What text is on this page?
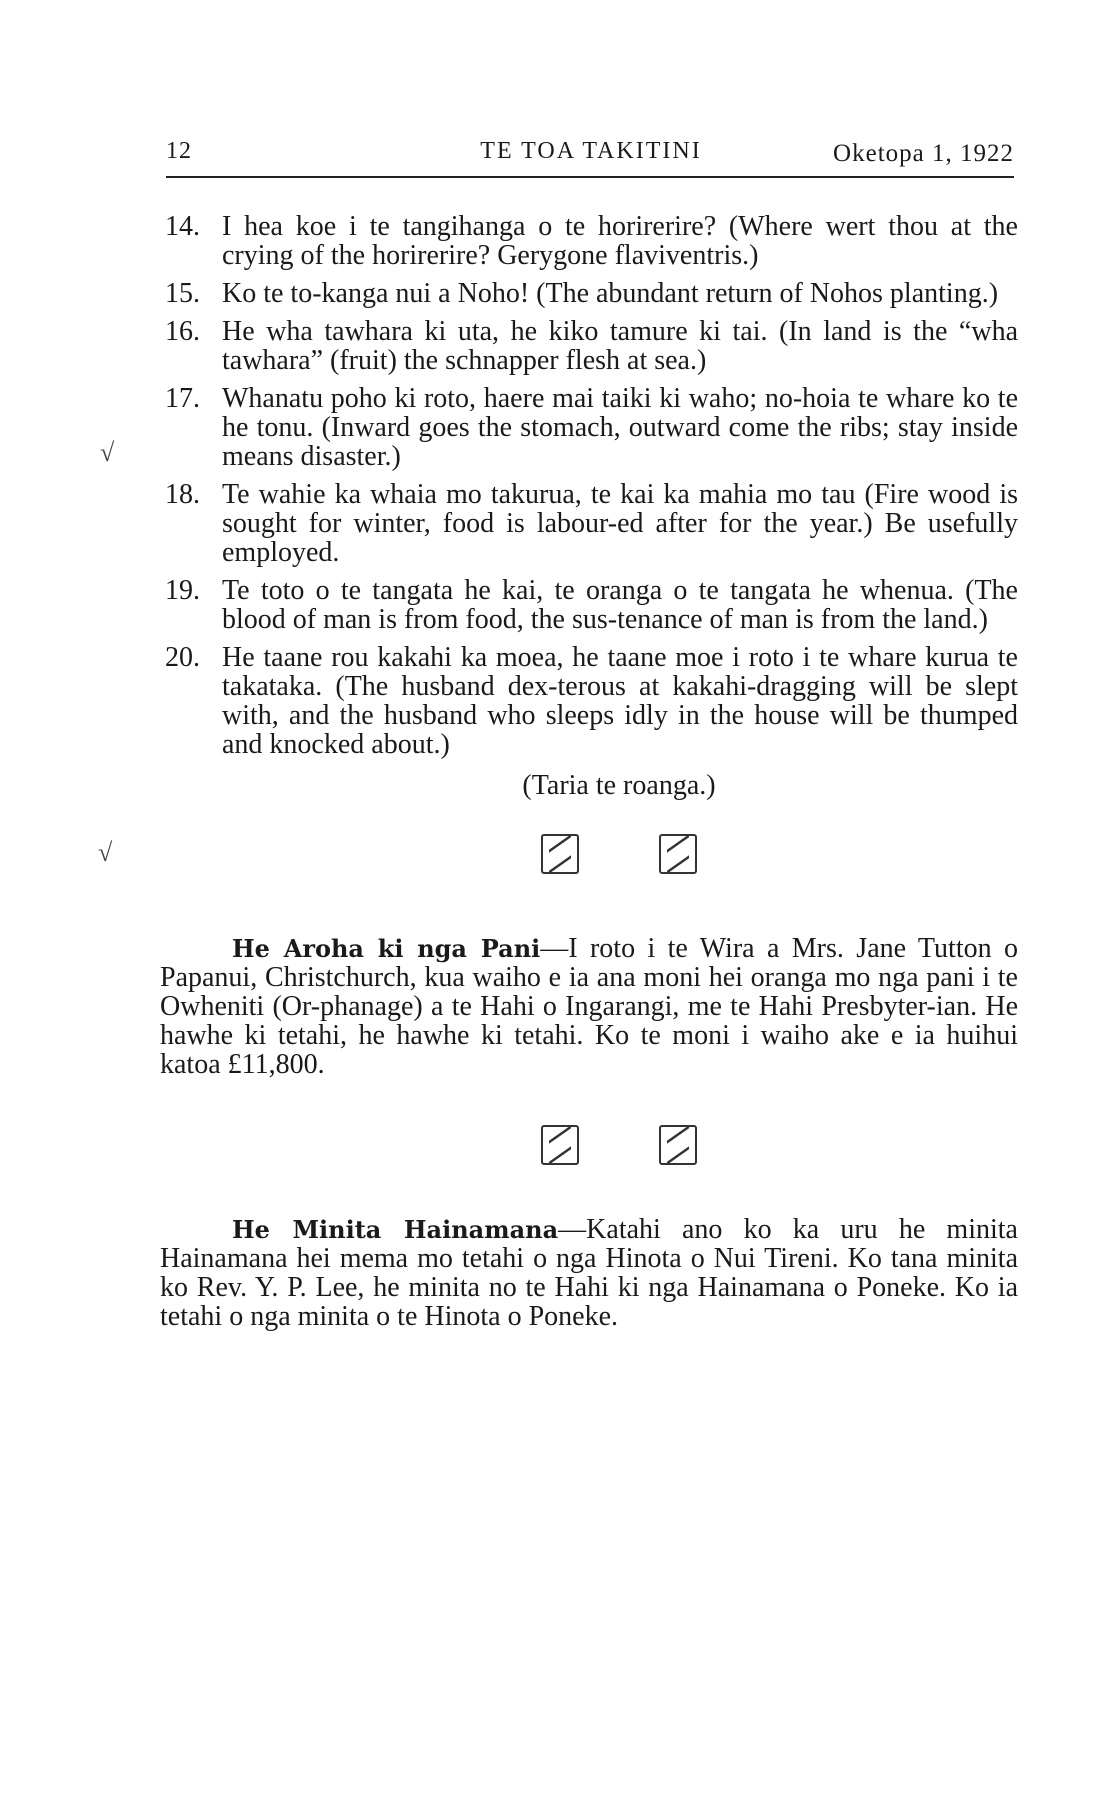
12	TE TOA TAKITINI	Oketopa 1, 1922
14. I hea koe i te tangihanga o te horirerire? (Where wert thou at the crying of the horirerire? Gerygone flaviventris.)
15. Ko te to-kanga nui a Noho! (The abundant return of Nohos planting.)
16. He wha tawhara ki uta, he kiko tamure ki tai. (In land is the “wha tawhara” (fruit) the schnapper flesh at sea.)
17. Whanatu poho ki roto, haere mai taiki ki waho; no-hoia te whare ko te he tonu. (Inward goes the stomach, outward come the ribs; stay inside means disaster.)
18. Te wahie ka whaia mo takurua, te kai ka mahia mo tau (Fire wood is sought for winter, food is labour-ed after for the year.) Be usefully employed.
19. Te toto o te tangata he kai, te oranga o te tangata he whenua. (The blood of man is from food, the sus-tenance of man is from the land.)
20. He taane rou kakahi ka moea, he taane moe i roto i te whare kurua te takataka. (The husband dex-terous at kakahi-dragging will be slept with, and the husband who sleeps idly in the house will be thumped and knocked about.)
(Taria te roanga.)
He Aroha ki nga Pani—I roto i te Wira a Mrs. Jane Tutton o Papanui, Christchurch, kua waiho e ia ana moni hei oranga mo nga pani i te Owheniti (Or-phanage) a te Hahi o Ingarangi, me te Hahi Presbyter-ian. He hawhe ki tetahi, he hawhe ki tetahi. Ko te moni i waiho ake e ia huihui katoa £11,800.
He Minita Hainamana—Katahi ano ko ka uru he minita Hainamana hei mema mo tetahi o nga Hinota o Nui Tireni. Ko tana minita ko Rev. Y. P. Lee, he minita no te Hahi ki nga Hainamana o Poneke. Ko ia tetahi o nga minita o te Hinota o Poneke.
√
√
